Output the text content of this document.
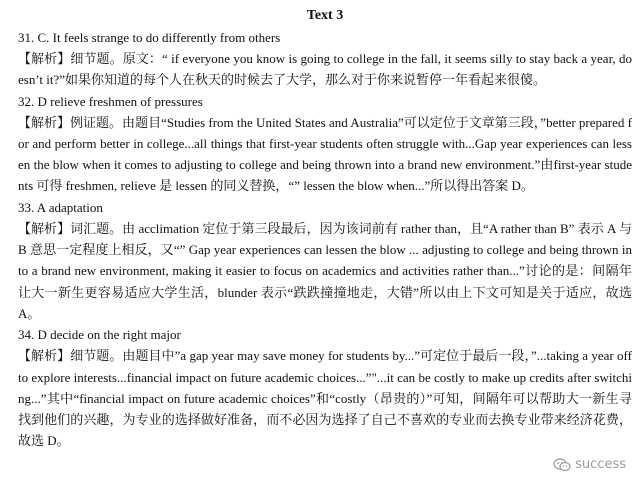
Text 3
31. C. It feels strange to do differently from others

【解析】细节题。原文：“ if everyone you know is going to college in the fall, it seems silly to stay back a year, doesn’t it?”如果你知道的每个人在秋天的时候去了大学，那么对于你来说暂停一年看起来很傻。

32. D relieve freshmen of pressures

【解析】例证题。由题目“Studies from the United States and Australia”可以定位于文章第三段，”better prepared for and perform better in college...all things that first-year students often struggle with...Gap year experiences can lessen the blow when it comes to adjusting to college and being thrown into a brand new environment.”由first-year students 可得 freshmen, relieve 是 lessen 的同义替换，“” lessen the blow when...”所以得出答案 D。

33. A adaptation

【解析】词汇题。由 acclimation 定位于第三段最后，因为该词前有 rather than，且“A rather than B” 表示 A 与 B 意思一定程度上相反，又“” Gap year experiences can lessen the blow ... adjusting to college and being thrown into a brand new environment, making it easier to focus on academics and activities rather than...”讨论的是：间隔年让大一新生更容易适应大学生活，blunder 表示“跌跌撞撞地走，大错”所以由上下文可知是关于适应，故选 A。

34. D decide on the right major

【解析】细节题。由题目中”a gap year may save money for students by...”可定位于最后一段，”...taking a year off to explore interests...financial impact on future academic choices...”"...it can be costly to make up credits after switching...”其中“financial impact on future academic choices”和“costly（昂贵的）”可知，间隔年可以帮助大一新生寻找到他们的兴趣，为专业的选择做好准备，而不必因为选择了自己不喜欢的专业而去换专业带来经济花费，故选 D。

success
